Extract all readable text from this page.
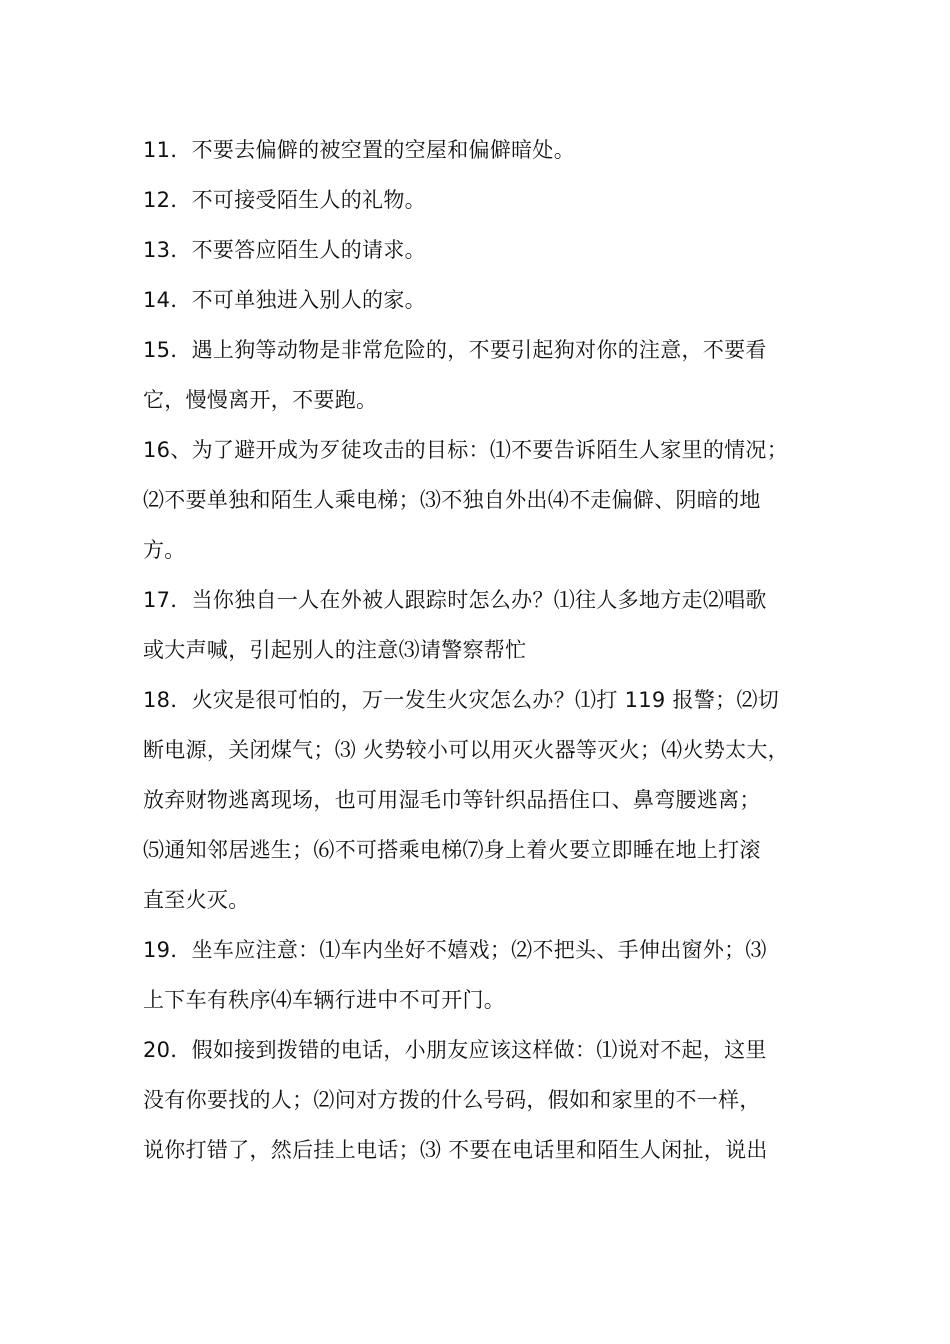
11．不要去偏僻的被空置的空屋和偏僻暗处。
12．不可接受陌生人的礼物。
13．不要答应陌生人的请求。
14．不可单独进入别人的家。
15．遇上狗等动物是非常危险的，不要引起狗对你的注意，不要看
它，慢慢离开，不要跑。
16、为了避开成为歹徒攻击的目标：⑴不要告诉陌生人家里的情况；
⑵不要单独和陌生人乘电梯；⑶不独自外出⑷不走偏僻、阴暗的地
方。
17．当你独自一人在外被人跟踪时怎么办？⑴往人多地方走⑵唱歌
或大声喊，引起别人的注意⑶请警察帮忙
18．火灾是很可怕的，万一发生火灾怎么办？⑴打 119 报警；⑵切
断电源，关闭煤气；⑶ 火势较小可以用灭火器等灭火；⑷火势太大，
放弃财物逃离现场，也可用湿毛巾等针织品捂住口、鼻弯腰逃离；
⑸通知邻居逃生；⑹不可搭乘电梯⑺身上着火要立即睡在地上打滚
直至火灭。
19．坐车应注意：⑴车内坐好不嬉戏；⑵不把头、手伸出窗外；⑶
上下车有秩序⑷车辆行进中不可开门。
20．假如接到拨错的电话，小朋友应该这样做：⑴说对不起，这里
没有你要找的人；⑵问对方拨的什么号码，假如和家里的不一样，
说你打错了，然后挂上电话；⑶ 不要在电话里和陌生人闲扯，说出
